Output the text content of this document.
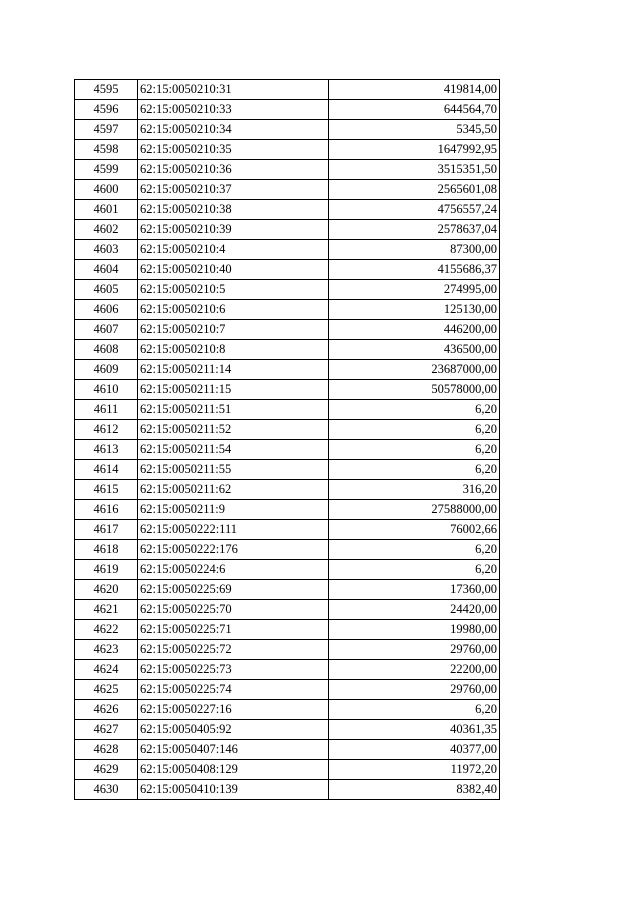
4595	62:15:0050210:31	419814,00
4596	62:15:0050210:33	644564,70
4597	62:15:0050210:34	5345,50
4598	62:15:0050210:35	1647992,95
4599	62:15:0050210:36	3515351,50
4600	62:15:0050210:37	2565601,08
4601	62:15:0050210:38	4756557,24
4602	62:15:0050210:39	2578637,04
4603	62:15:0050210:4	87300,00
4604	62:15:0050210:40	4155686,37
4605	62:15:0050210:5	274995,00
4606	62:15:0050210:6	125130,00
4607	62:15:0050210:7	446200,00
4608	62:15:0050210:8	436500,00
4609	62:15:0050211:14	23687000,00
4610	62:15:0050211:15	50578000,00
4611	62:15:0050211:51	6,20
4612	62:15:0050211:52	6,20
4613	62:15:0050211:54	6,20
4614	62:15:0050211:55	6,20
4615	62:15:0050211:62	316,20
4616	62:15:0050211:9	27588000,00
4617	62:15:0050222:111	76002,66
4618	62:15:0050222:176	6,20
4619	62:15:0050224:6	6,20
4620	62:15:0050225:69	17360,00
4621	62:15:0050225:70	24420,00
4622	62:15:0050225:71	19980,00
4623	62:15:0050225:72	29760,00
4624	62:15:0050225:73	22200,00
4625	62:15:0050225:74	29760,00
4626	62:15:0050227:16	6,20
4627	62:15:0050405:92	40361,35
4628	62:15:0050407:146	40377,00
4629	62:15:0050408:129	11972,20
4630	62:15:0050410:139	8382,40
